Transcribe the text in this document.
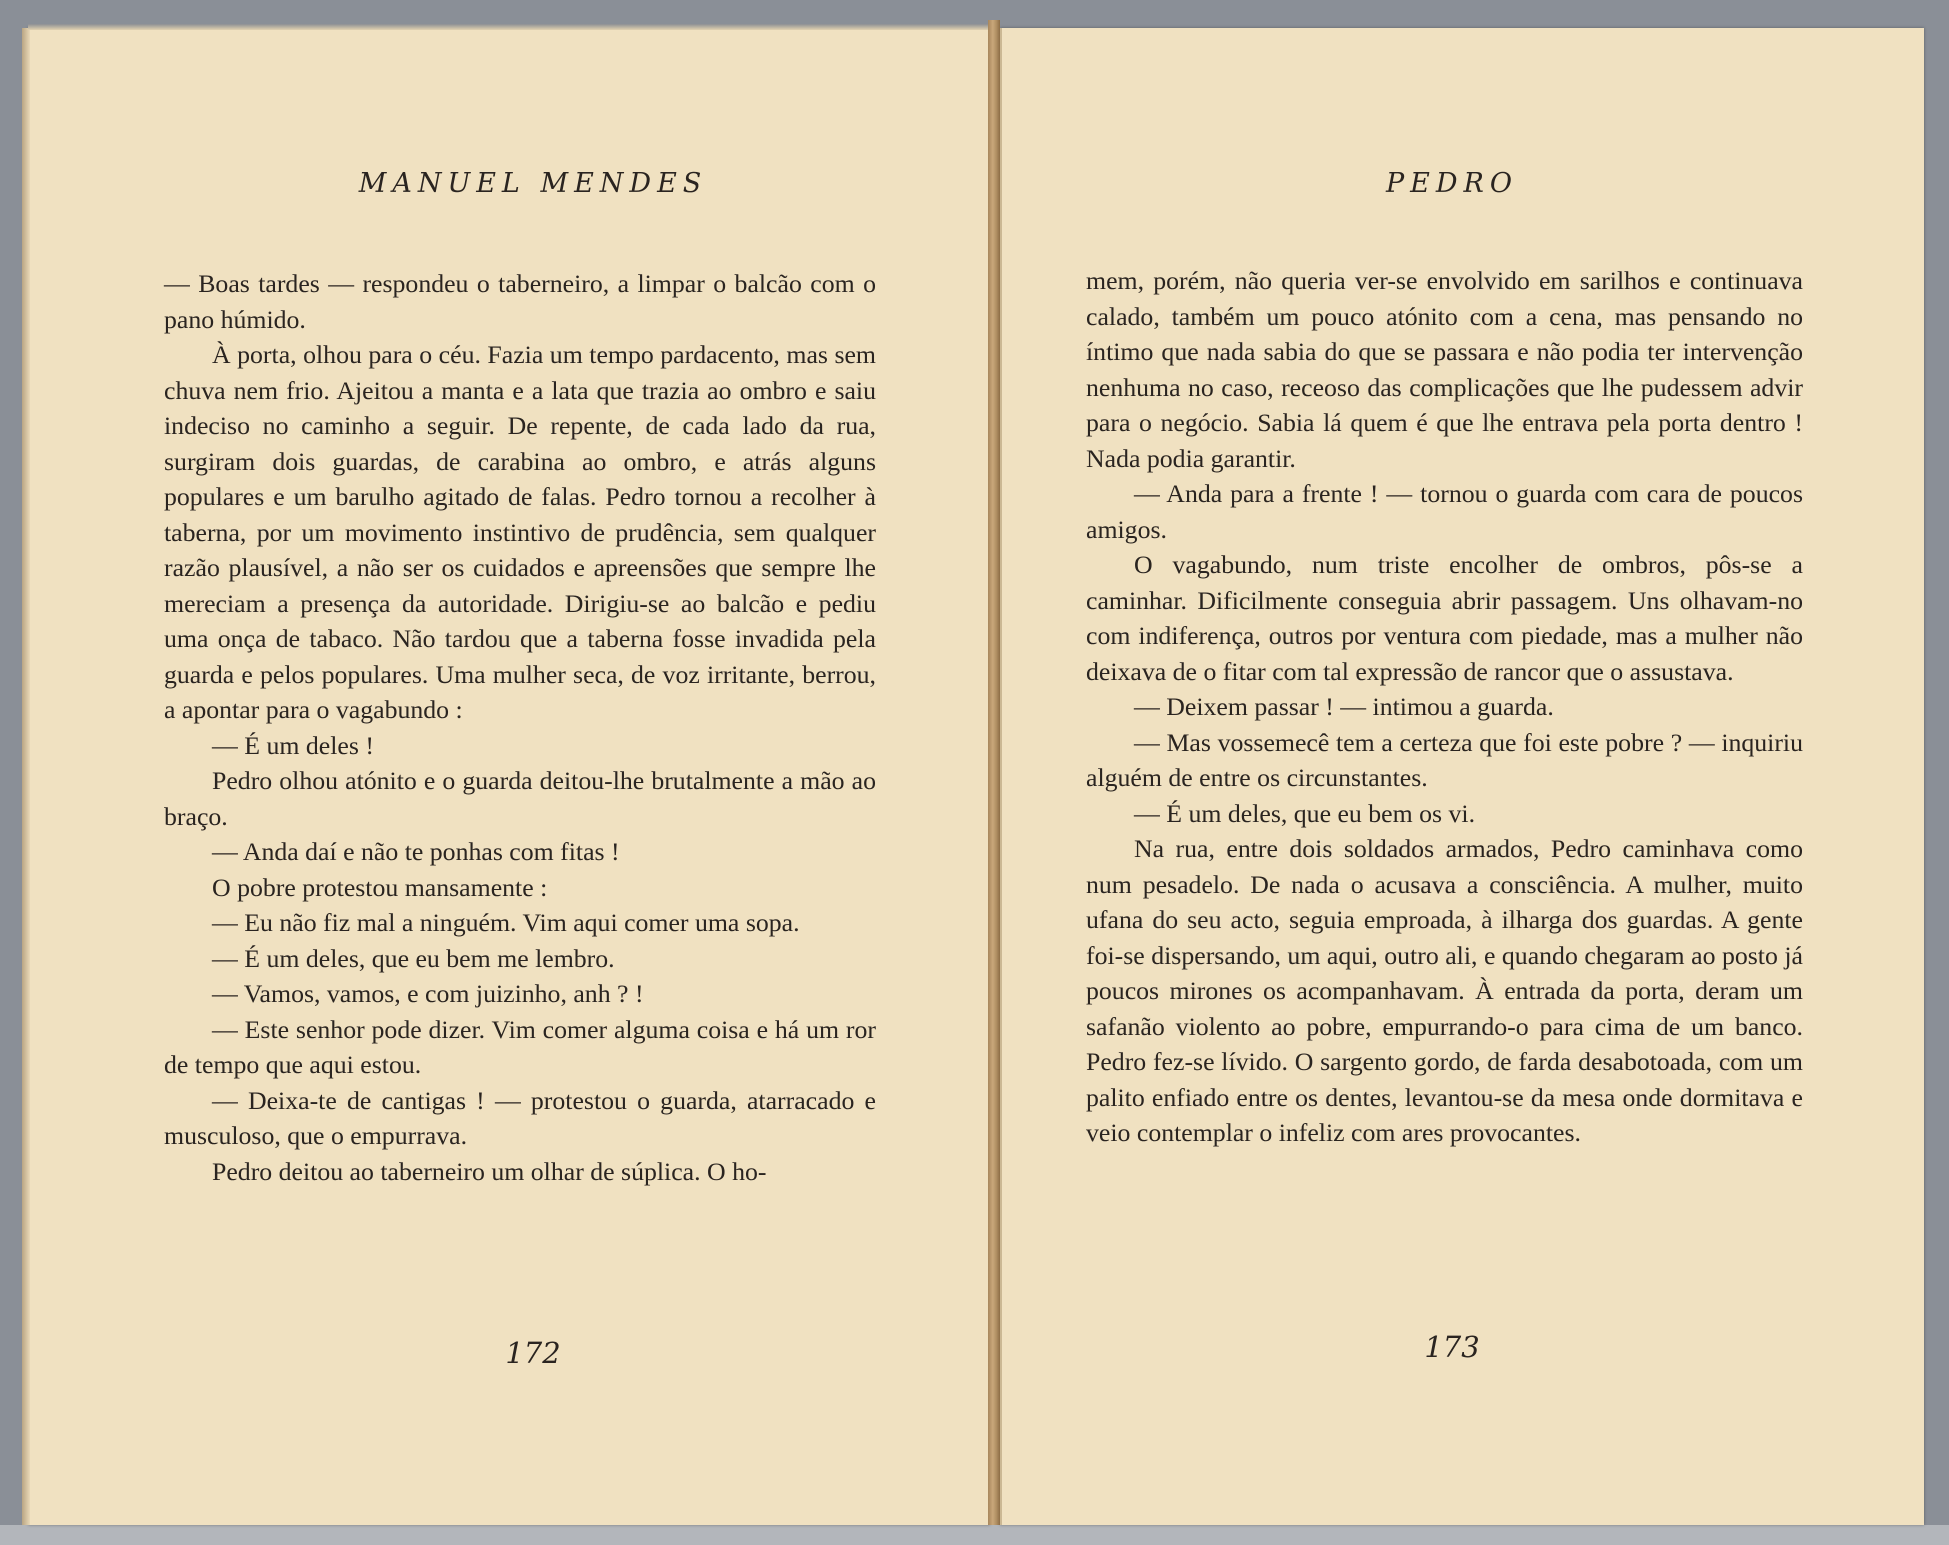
MANUEL MENDES

— Boas tardes — respondeu o taberneiro, a limpar o balcão com o pano húmido.

À porta, olhou para o céu. Fazia um tempo pardacento, mas sem chuva nem frio. Ajeitou a manta e a lata que trazia ao ombro e saiu indeciso no caminho a seguir. De repente, de cada lado da rua, surgiram dois guardas, de carabina ao ombro, e atrás alguns populares e um barulho agitado de falas. Pedro tornou a recolher à taberna, por um movimento instintivo de prudência, sem qualquer razão plausível, a não ser os cuidados e apreensões que sempre lhe mereciam a presença da autoridade. Dirigiu-se ao balcão e pediu uma onça de tabaco. Não tardou que a taberna fosse invadida pela guarda e pelos populares. Uma mulher seca, de voz irritante, berrou, a apontar para o vagabundo :

— É um deles !

Pedro olhou atónito e o guarda deitou-lhe brutalmente a mão ao braço.

— Anda daí e não te ponhas com fitas !

O pobre protestou mansamente :

— Eu não fiz mal a ninguém. Vim aqui comer uma sopa.

— É um deles, que eu bem me lembro.

— Vamos, vamos, e com juizinho, anh ? !

— Este senhor pode dizer. Vim comer alguma coisa e há um ror de tempo que aqui estou.

— Deixa-te de cantigas ! — protestou o guarda, atarracado e musculoso, que o empurrava.

Pedro deitou ao taberneiro um olhar de súplica. O ho-

172
PEDRO

mem, porém, não queria ver-se envolvido em sarilhos e continuava calado, também um pouco atónito com a cena, mas pensando no íntimo que nada sabia do que se passara e não podia ter intervenção nenhuma no caso, receoso das complicações que lhe pudessem advir para o negócio. Sabia lá quem é que lhe entrava pela porta dentro ! Nada podia garantir.

— Anda para a frente ! — tornou o guarda com cara de poucos amigos.

O vagabundo, num triste encolher de ombros, pôs-se a caminhar. Dificilmente conseguia abrir passagem. Uns olhavam-no com indiferença, outros por ventura com piedade, mas a mulher não deixava de o fitar com tal expressão de rancor que o assustava.

— Deixem passar ! — intimou a guarda.

— Mas vossemecê tem a certeza que foi este pobre ? — inquiriu alguém de entre os circunstantes.

— É um deles, que eu bem os vi.

Na rua, entre dois soldados armados, Pedro caminhava como num pesadelo. De nada o acusava a consciência. A mulher, muito ufana do seu acto, seguia emproada, à ilharga dos guardas. A gente foi-se dispersando, um aqui, outro ali, e quando chegaram ao posto já poucos mirones os acompanhavam. À entrada da porta, deram um safanão violento ao pobre, empurrando-o para cima de um banco. Pedro fez-se lívido. O sargento gordo, de farda desabotoada, com um palito enfiado entre os dentes, levantou-se da mesa onde dormitava e veio contemplar o infeliz com ares provocantes.

173
